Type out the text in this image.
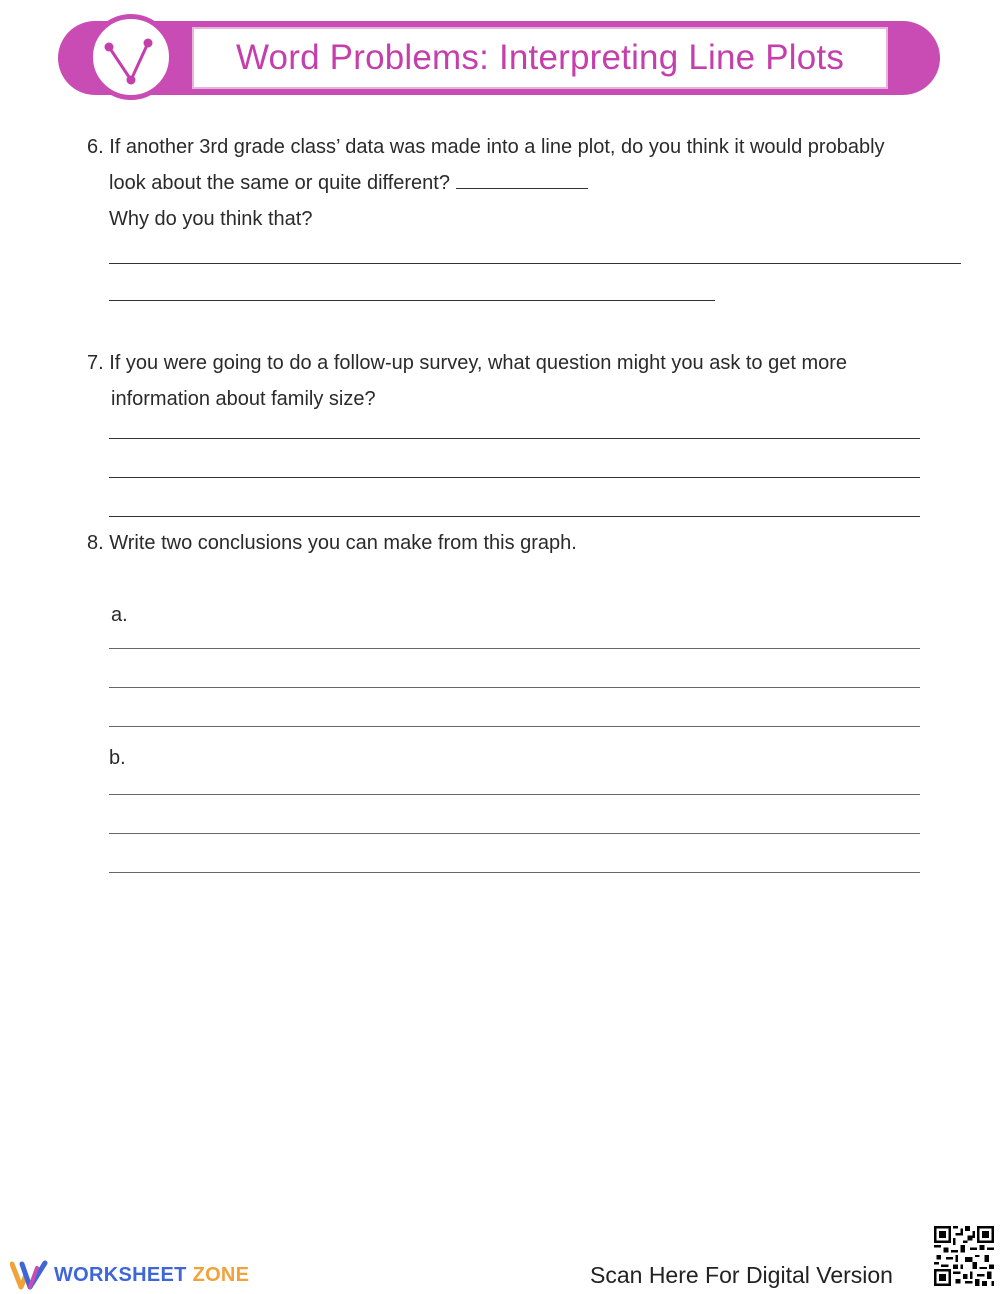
Word Problems: Interpreting Line Plots
6. If another 3rd grade class’ data was made into a line plot, do you think it would probably
look about the same or quite different?
Why do you think that?
7. If you were going to do a follow-up survey, what question might you ask to get more
information about family size?
8. Write two conclusions you can make from this graph.
a.
b.
WORKSHEET ZONE	Scan Here For Digital Version
